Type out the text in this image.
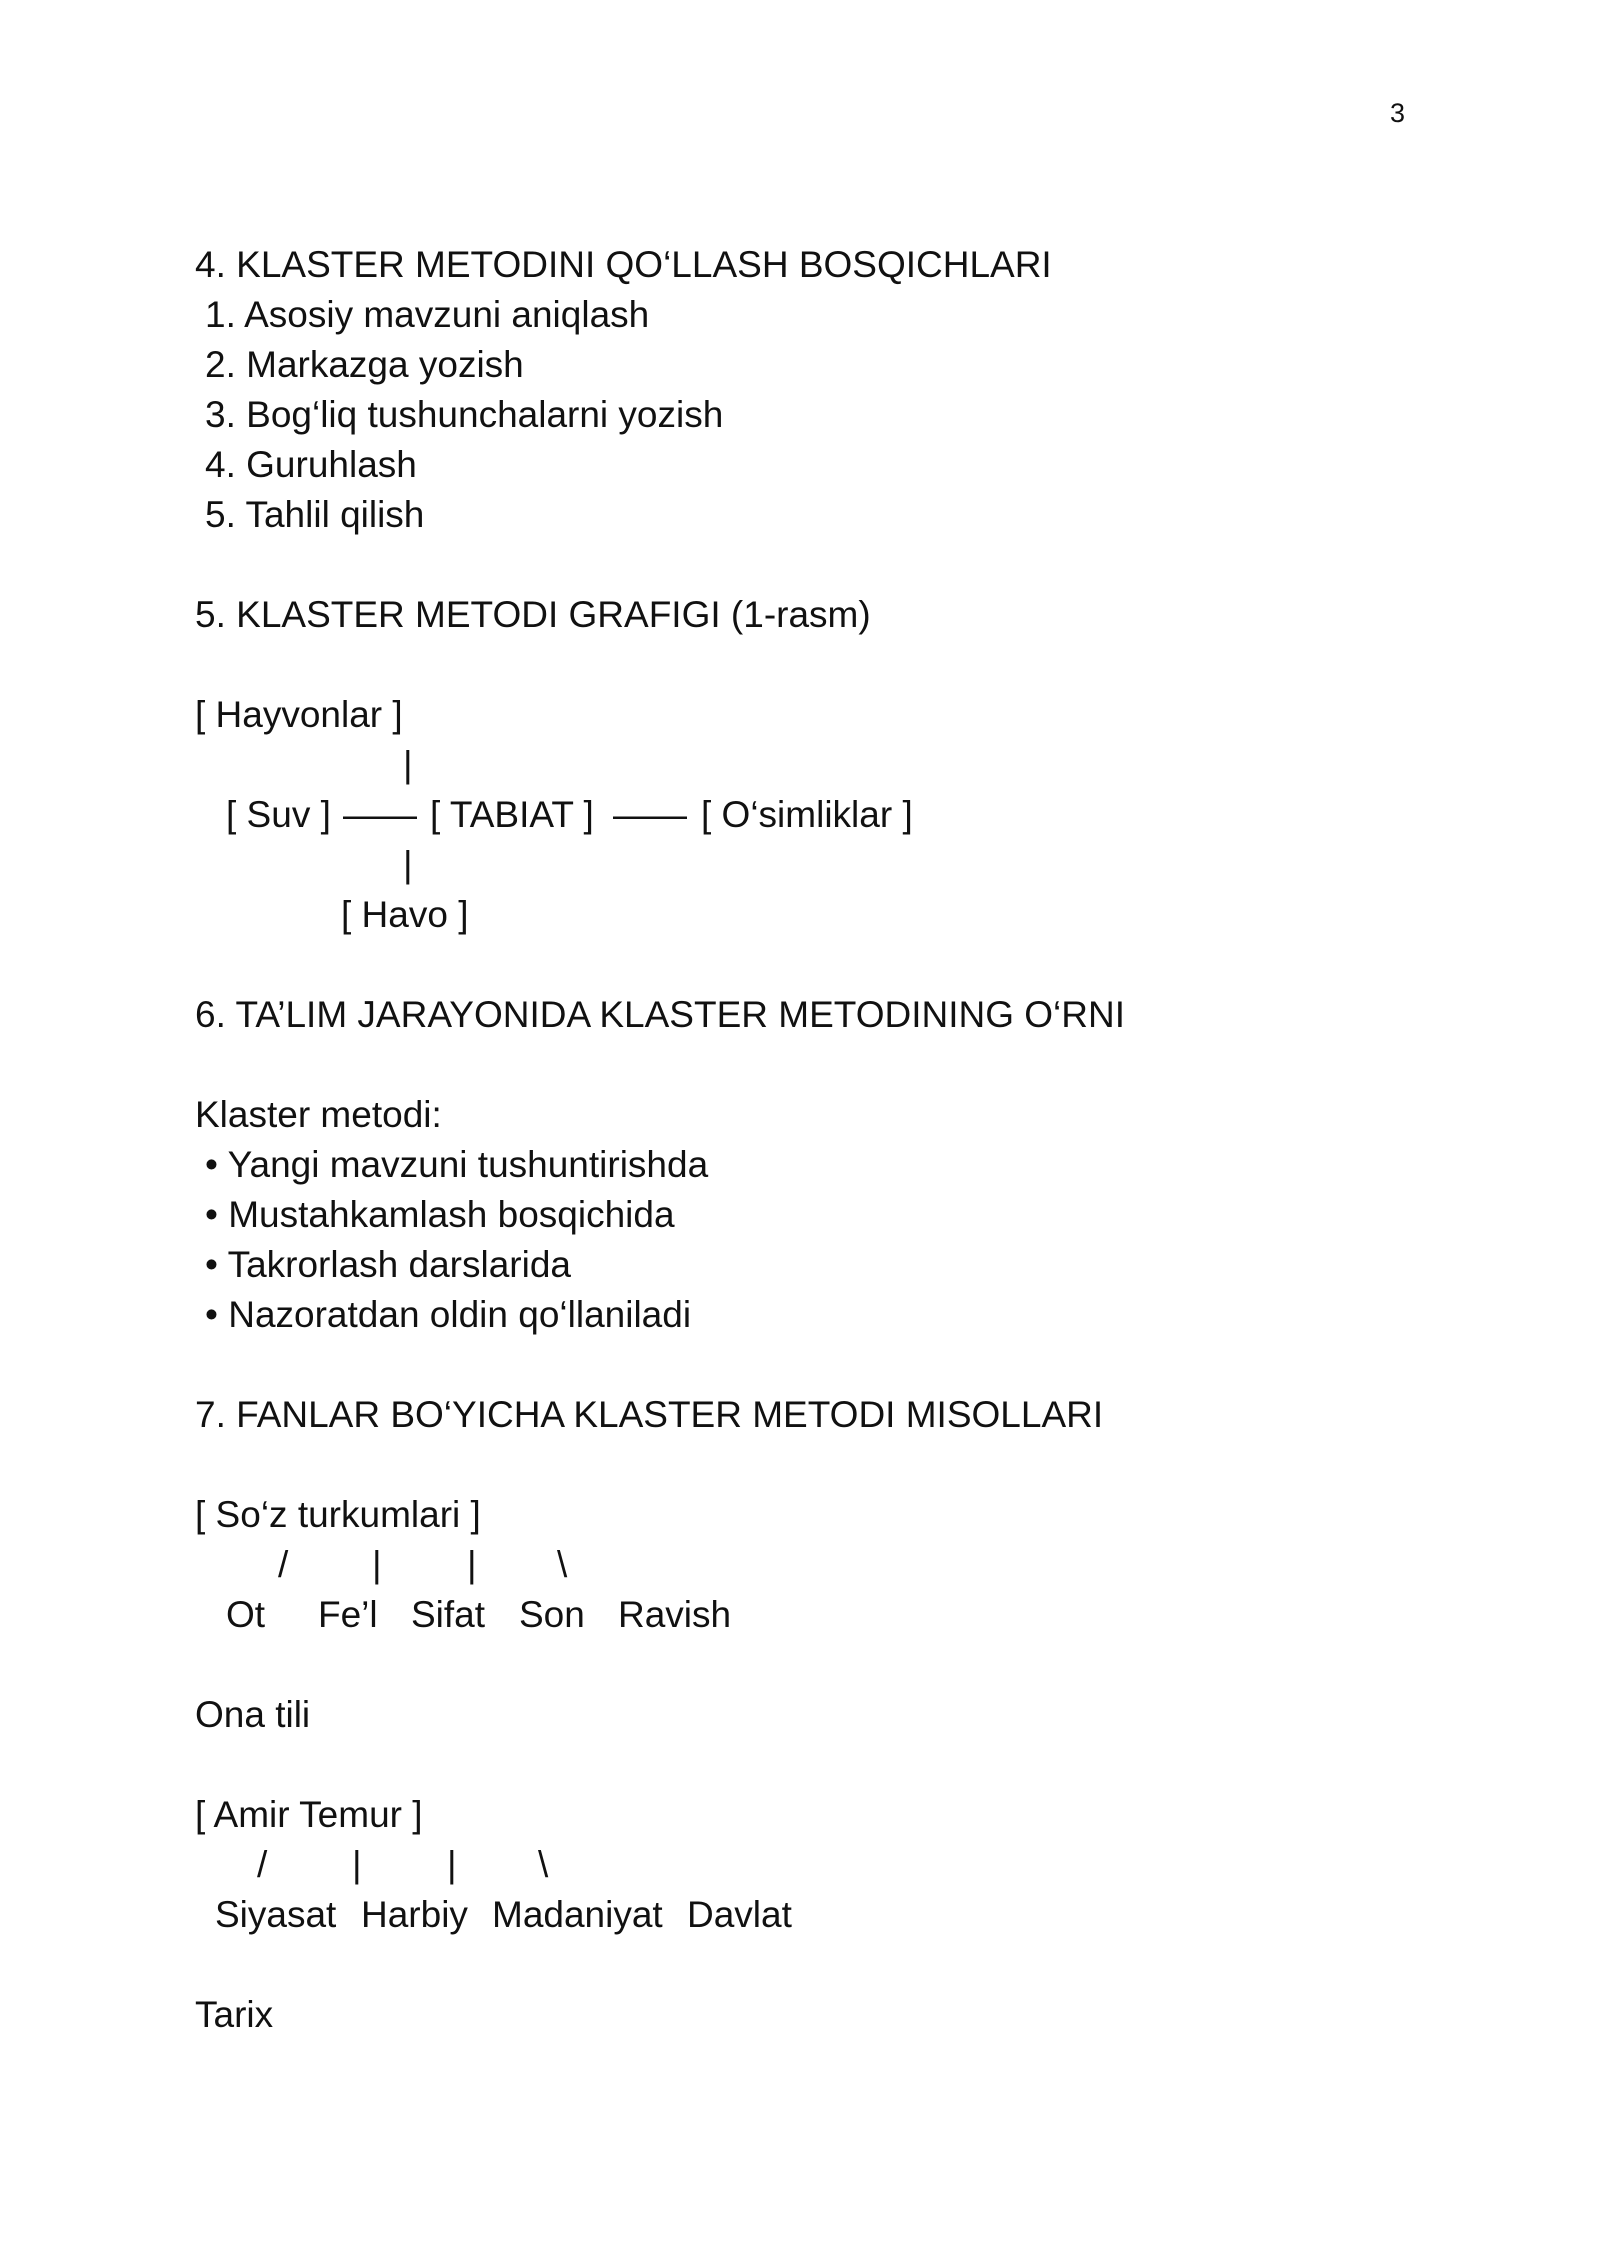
3
4. KLASTER METODINI QO‘LLASH BOSQICHLARI
1. Asosiy mavzuni aniqlash
2. Markazga yozish
3. Bog‘liq tushunchalarni yozish
4. Guruhlash
5. Tahlil qilish
5. KLASTER METODI GRAFIGI (1-rasm)
[ Hayvonlar ]
|
[ Suv ] —— [ TABIAT ] —— [ O‘simliklar ]
|
[ Havo ]
6. TA’LIM JARAYONIDA KLASTER METODINING O‘RNI
Klaster metodi:
• Yangi mavzuni tushuntirishda
• Mustahkamlash bosqichida
• Takrorlash darslarida
• Nazoratdan oldin qo‘llaniladi
7. FANLAR BO‘YICHA KLASTER METODI MISOLLARI
[ So‘z turkumlari ]
/ | | \
Ot Fe’l Sifat Son Ravish
Ona tili
[ Amir Temur ]
/ | | \
Siyasat Harbiy Madaniyat Davlat
Tarix
